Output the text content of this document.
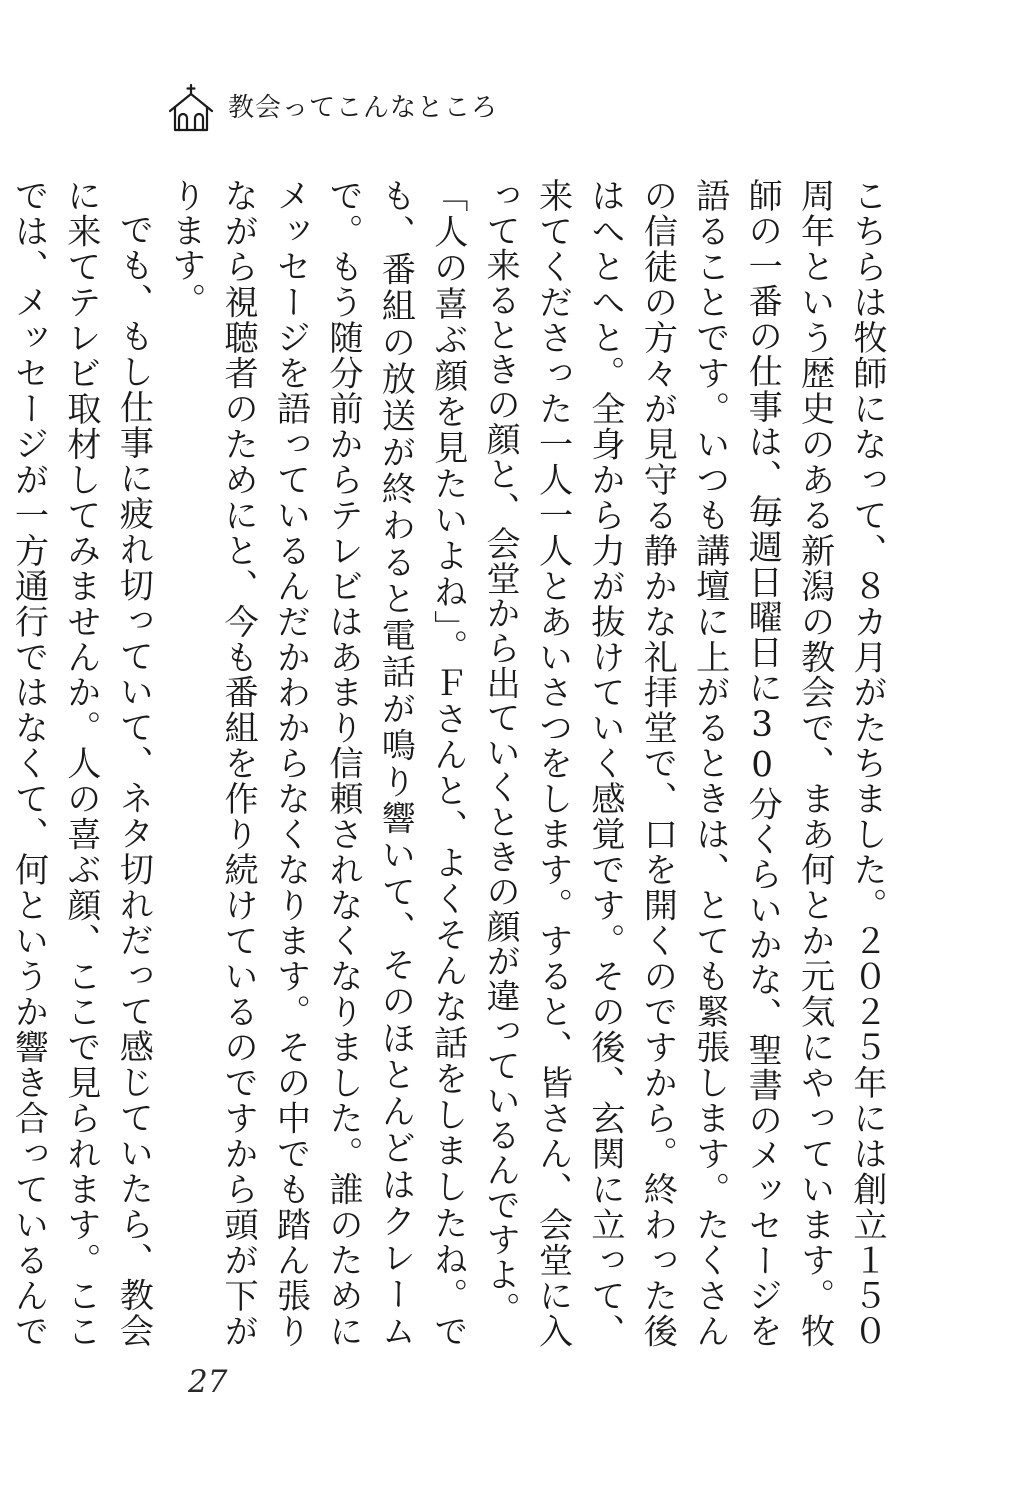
教会ってこんなところ

こちらは牧師になって、８カ月がたちました。２０２５年には創立１５０周年という歴史のある新潟の教会で、まあ何とか元気にやっています。牧師の一番の仕事は、毎週日曜日に30分くらいかな、聖書のメッセージを語ることです。いつも講壇に上がるときは、とても緊張します。たくさんの信徒の方々が見守る静かな礼拝堂で、口を開くのですから。終わった後はへとへと。全身から力が抜けていく感覚です。その後、玄関に立って、来てくださった一人一人とあいさつをします。すると、皆さん、会堂に入って来るときの顔と、会堂から出ていくときの顔が違っているんですよ。

「人の喜ぶ顔を見たいよね」。Ｆさんと、よくそんな話をしましたね。でも、番組の放送が終わると電話が鳴り響いて、そのほとんどはクレームで。もう随分前からテレビはあまり信頼されなくなりました。誰のためにメッセージを語っているんだかわからなくなります。その中でも踏ん張りながら視聴者のためにと、今も番組を作り続けているのですから頭が下がります。

でも、もし仕事に疲れ切っていて、ネタ切れだって感じていたら、教会に来てテレビ取材してみませんか。人の喜ぶ顔、ここで見られます。ここでは、メッセージが一方通行ではなくて、何というか響き合っているんで

27
